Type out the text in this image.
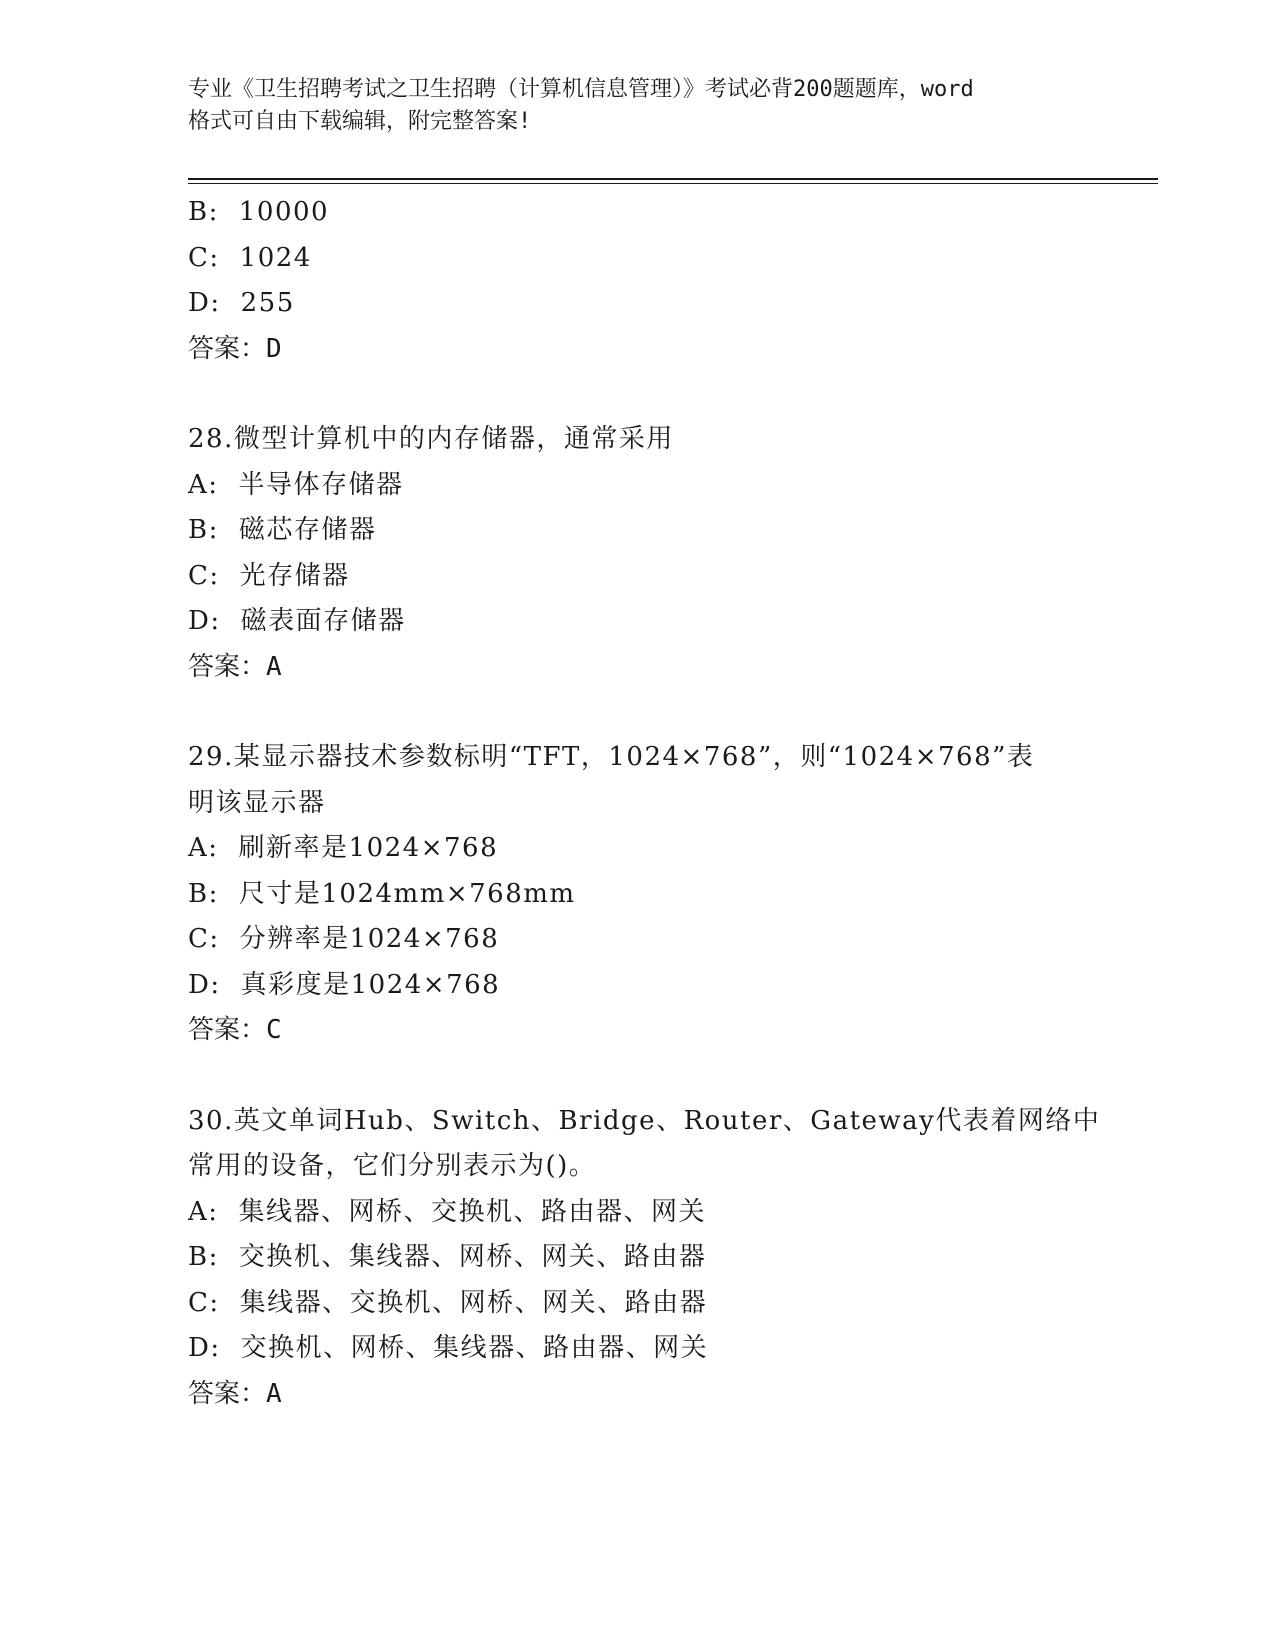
专业《卫生招聘考试之卫生招聘（计算机信息管理）》考试必背200题题库，word
格式可自由下载编辑，附完整答案!
B: 10000
C: 1024
D: 255
答案：D
28.微型计算机中的内存储器，通常采用
A: 半导体存储器
B: 磁芯存储器
C: 光存储器
D: 磁表面存储器
答案：A
29.某显示器技术参数标明“TFT，1024×768”，则“1024×768”表
明该显示器
A: 刷新率是1024×768
B: 尺寸是1024mm×768mm
C: 分辨率是1024×768
D: 真彩度是1024×768
答案：C
30.英文单词Hub、Switch、Bridge、Router、Gateway代表着网络中
常用的设备，它们分别表示为()。
A: 集线器、网桥、交换机、路由器、网关
B: 交换机、集线器、网桥、网关、路由器
C: 集线器、交换机、网桥、网关、路由器
D: 交换机、网桥、集线器、路由器、网关
答案：A
